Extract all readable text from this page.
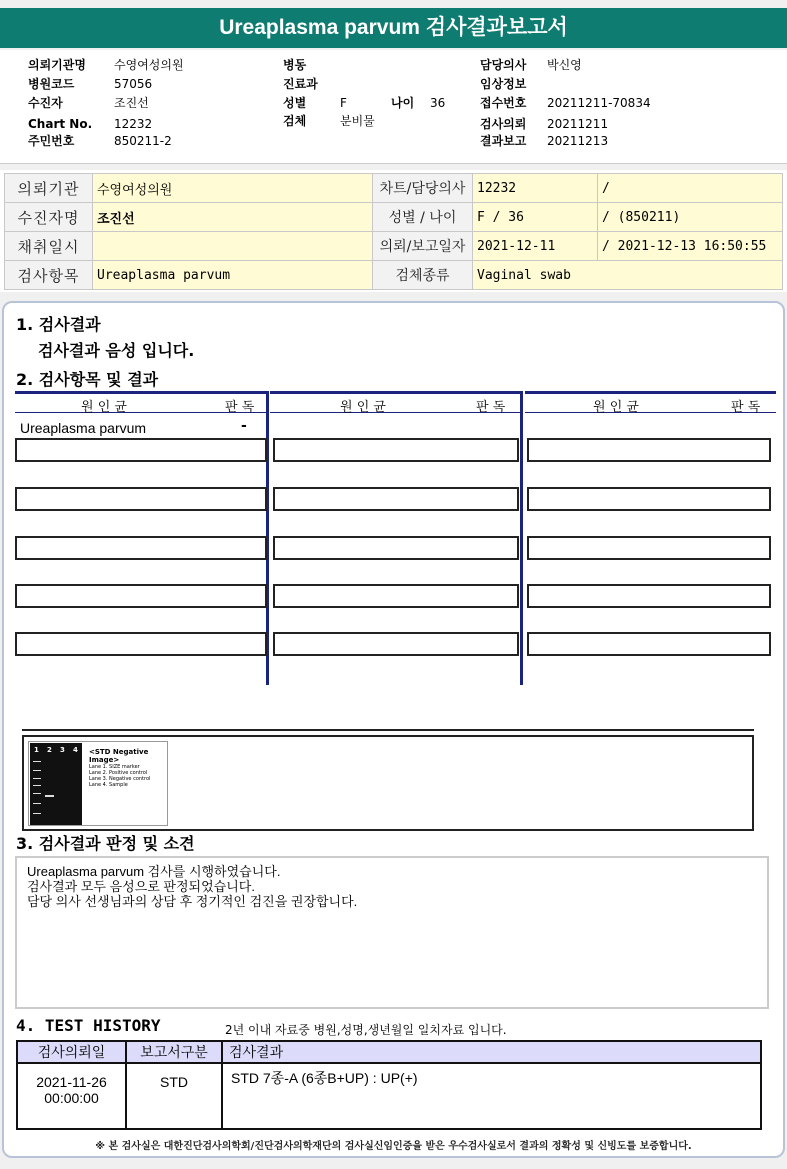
Ureaplasma parvum 검사결과보고서
의뢰기관명 수영여성의원
병원코드	57056
수진자	조진선
Chart No. 12232
주민번호	850211-2
병동
진료과
성별	F	나이 36
검체	분비물
담당의사 박신영
임상정보
접수번호 20211211-70834
검사의뢰 20211211
결과보고 20211213
의뢰기관	수영여성의원	차트/담당의사	12232	/
수진자명	조진선	성별 / 나이	F / 36	/ (850211)
채취일시		의뢰/보고일자	2021-12-11	/ 2021-12-13 16:50:55
검사항목	Ureaplasma parvum	검체종류	Vaginal swab	
1. 검사결과
검사결과 음성 입니다.
2. 검사항목 및 결과
원 인 균	판 독	원 인 균	판 독	원 인 균	판 독
Ureaplasma parvum	-
1 2 3 4 <STD Negative Image>
Lane 1. SIZE marker
Lane 2. Positive control
Lane 3. Negative control
Lane 4. Sample
3. 검사결과 판정 및 소견
Ureaplasma parvum 검사를 시행하였습니다.
검사결과 모두 음성으로 판정되었습니다.
담당 의사 선생님과의 상담 후 정기적인 검진을 권장합니다.
4. TEST HISTORY	2년 이내 자료중 병원,성명,생년월일 일치자료 입니다.
검사의뢰일	보고서구분	검사결과

2021-11-26
00:00:00	STD	STD 7종-A (6종B+UP) : UP(+)
※ 본 검사실은 대한진단검사의학회/진단검사의학재단의 검사실신임인증을 받은 우수검사실로서 결과의 정확성 및 신빙도를 보증합니다.
